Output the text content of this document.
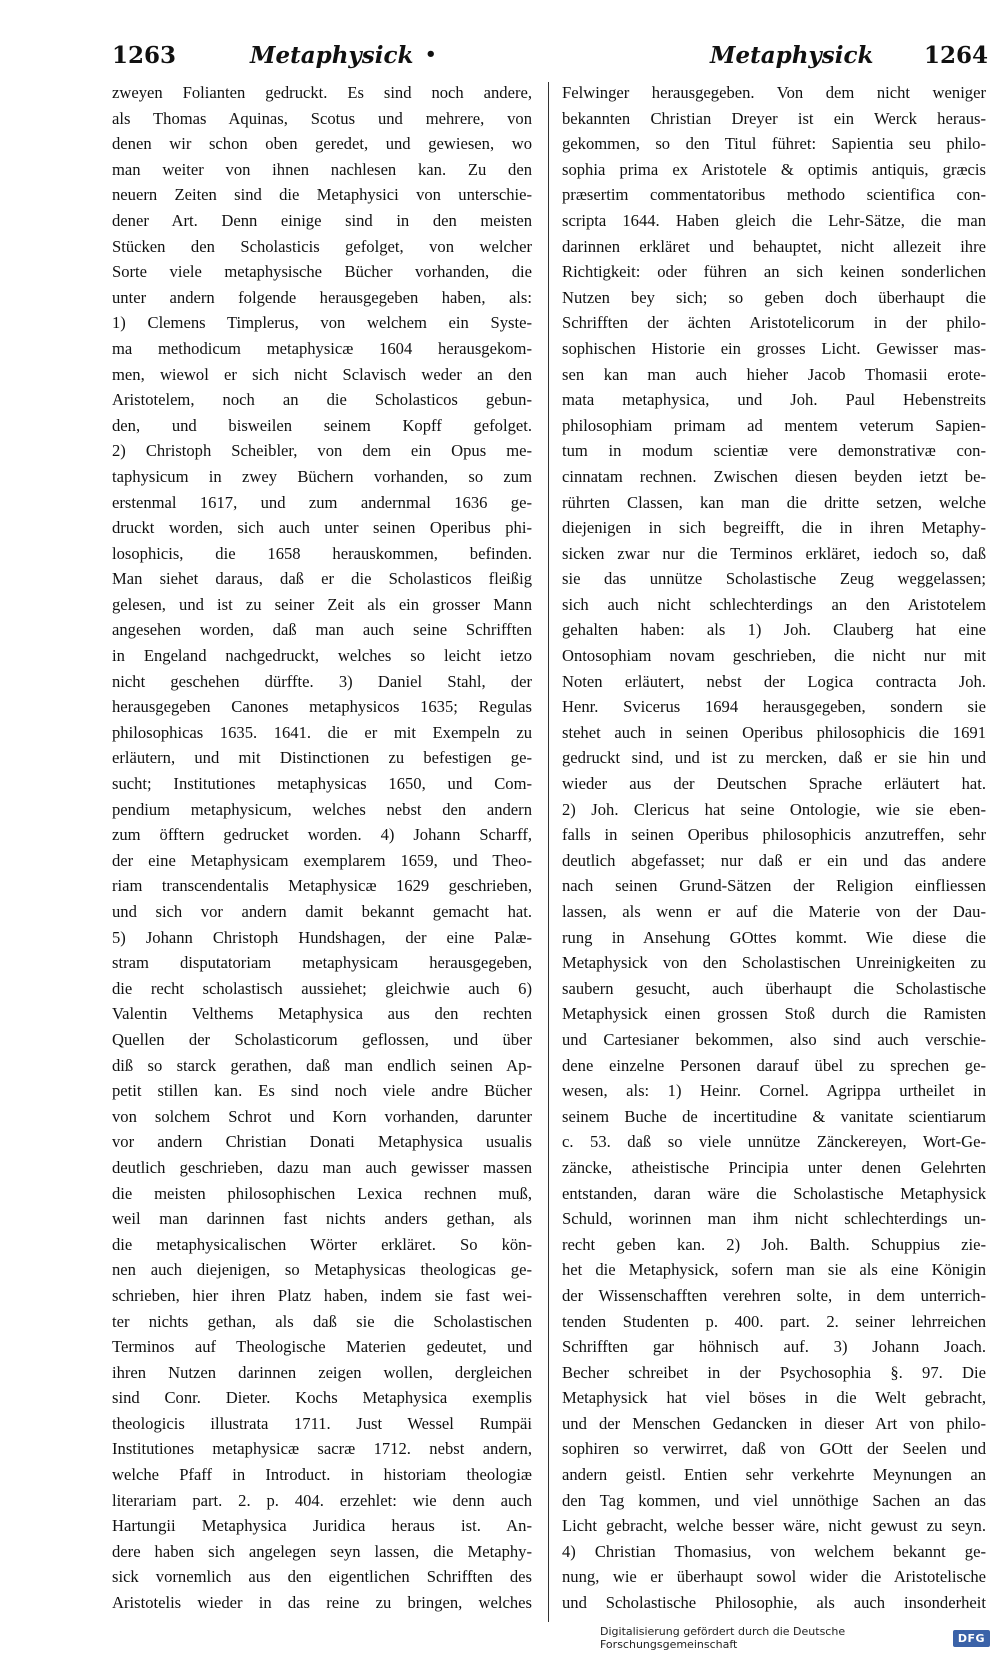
1263	Metaphysick •	Metaphysick 1264
zweyen Folianten gedruckt. Es sind noch andere,
als Thomas Aquinas, Scotus und mehrere, von
denen wir schon oben geredet, und gewiesen, wo
man weiter von ihnen nachlesen kan. Zu den
neuern Zeiten sind die Metaphysici von unterschie-
dener Art. Denn einige sind in den meisten
Stücken den Scholasticis gefolget, von welcher
Sorte viele metaphysische Bücher vorhanden, die
unter andern folgende herausgegeben haben, als:
1) Clemens Timplerus, von welchem ein Syste-
ma methodicum metaphysicæ 1604 herausgekom-
men, wiewol er sich nicht Sclavisch weder an den
Aristotelem, noch an die Scholasticos gebun-
den, und bisweilen seinem Kopff gefolget.
2) Christoph Scheibler, von dem ein Opus me-
taphysicum in zwey Büchern vorhanden, so zum
erstenmal 1617, und zum andernmal 1636 ge-
druckt worden, sich auch unter seinen Operibus phi-
losophicis, die 1658 herauskommen, befinden.
Man siehet daraus, daß er die Scholasticos fleißig
gelesen, und ist zu seiner Zeit als ein grosser Mann
angesehen worden, daß man auch seine Schrifften
in Engeland nachgedruckt, welches so leicht ietzo
nicht geschehen dürffte. 3) Daniel Stahl, der
herausgegeben Canones metaphysicos 1635; Regulas
philosophicas 1635. 1641. die er mit Exempeln zu
erläutern, und mit Distinctionen zu befestigen ge-
sucht; Institutiones metaphysicas 1650, und Com-
pendium metaphysicum, welches nebst den andern
zum öfftern gedrucket worden. 4) Johann Scharff,
der eine Metaphysicam exemplarem 1659, und Theo-
riam transcendentalis Metaphysicæ 1629 geschrieben,
und sich vor andern damit bekannt gemacht hat.
5) Johann Christoph Hundshagen, der eine Palæ-
stram disputatoriam metaphysicam herausgegeben,
die recht scholastisch aussiehet; gleichwie auch 6)
Valentin Velthems Metaphysica aus den rechten
Quellen der Scholasticorum geflossen, und über
diß so starck gerathen, daß man endlich seinen Ap-
petit stillen kan. Es sind noch viele andre Bücher
von solchem Schrot und Korn vorhanden, darunter
vor andern Christian Donati Metaphysica usualis
deutlich geschrieben, dazu man auch gewisser massen
die meisten philosophischen Lexica rechnen muß,
weil man darinnen fast nichts anders gethan, als
die metaphysicalischen Wörter erkläret. So kön-
nen auch diejenigen, so Metaphysicas theologicas ge-
schrieben, hier ihren Platz haben, indem sie fast wei-
ter nichts gethan, als daß sie die Scholastischen
Terminos auf Theologische Materien gedeutet, und
ihren Nutzen darinnen zeigen wollen, dergleichen
sind Conr. Dieter. Kochs Metaphysica exemplis
theologicis illustrata 1711. Just Wessel Rumpäi
Institutiones metaphysicæ sacræ 1712. nebst andern,
welche Pfaff in Introduct. in historiam theologiæ
literariam part. 2. p. 404. erzehlet: wie denn auch
Hartungii Metaphysica Juridica heraus ist. An-
dere haben sich angelegen seyn lassen, die Metaphy-
sick vornemlich aus den eigentlichen Schrifften des
Aristotelis wieder in das reine zu bringen, welches
Felwinger herausgegeben. Von dem nicht weniger
bekannten Christian Dreyer ist ein Werck heraus-
gekommen, so den Titul führet: Sapientia seu philo-
sophia prima ex Aristotele & optimis antiquis, græcis
præsertim commentatoribus methodo scientifica con-
scripta 1644. Haben gleich die Lehr-Sätze, die man
darinnen erkläret und behauptet, nicht allezeit ihre
Richtigkeit: oder führen an sich keinen sonderlichen
Nutzen bey sich; so geben doch überhaupt die
Schrifften der ächten Aristotelicorum in der philo-
sophischen Historie ein grosses Licht. Gewisser mas-
sen kan man auch hieher Jacob Thomasii erote-
mata metaphysica, und Joh. Paul Hebenstreits
philosophiam primam ad mentem veterum Sapien-
tum in modum scientiæ vere demonstrativæ con-
cinnatam rechnen. Zwischen diesen beyden ietzt be-
rührten Classen, kan man die dritte setzen, welche
diejenigen in sich begreifft, die in ihren Metaphy-
sicken zwar nur die Terminos erkläret, iedoch so, daß
sie das unnütze Scholastische Zeug weggelassen;
sich auch nicht schlechterdings an den Aristotelem
gehalten haben: als 1) Joh. Clauberg hat eine
Ontosophiam novam geschrieben, die nicht nur mit
Noten erläutert, nebst der Logica contracta Joh.
Henr. Svicerus 1694 herausgegeben, sondern sie
stehet auch in seinen Operibus philosophicis die 1691
gedruckt sind, und ist zu mercken, daß er sie hin und
wieder aus der Deutschen Sprache erläutert hat.
2) Joh. Clericus hat seine Ontologie, wie sie eben-
falls in seinen Operibus philosophicis anzutreffen, sehr
deutlich abgefasset; nur daß er ein und das andere
nach seinen Grund-Sätzen der Religion einfliessen
lassen, als wenn er auf die Materie von der Dau-
rung in Ansehung GOttes kommt. Wie diese die
Metaphysick von den Scholastischen Unreinigkeiten zu
saubern gesucht, auch überhaupt die Scholastische
Metaphysick einen grossen Stoß durch die Ramisten
und Cartesianer bekommen, also sind auch verschie-
dene einzelne Personen darauf übel zu sprechen ge-
wesen, als: 1) Heinr. Cornel. Agrippa urtheilet in
seinem Buche de incertitudine & vanitate scientiarum
c. 53. daß so viele unnütze Zänckereyen, Wort-Ge-
zäncke, atheistische Principia unter denen Gelehrten
entstanden, daran wäre die Scholastische Metaphysick
Schuld, worinnen man ihm nicht schlechterdings un-
recht geben kan. 2) Joh. Balth. Schuppius zie-
het die Metaphysick, sofern man sie als eine Königin
der Wissenschafften verehren solte, in dem unterrich-
tenden Studenten p. 400. part. 2. seiner lehrreichen
Schrifften gar höhnisch auf. 3) Johann Joach.
Becher schreibet in der Psychosophia §. 97. Die
Metaphysick hat viel böses in die Welt gebracht,
und der Menschen Gedancken in dieser Art von philo-
sophiren so verwirret, daß von GOtt der Seelen und
andern geistl. Entien sehr verkehrte Meynungen an
den Tag kommen, und viel unnöthige Sachen an das
Licht gebracht, welche besser wäre, nicht gewust zu seyn.
4) Christian Thomasius, von welchem bekannt ge-
nung, wie er überhaupt sowol wider die Aristotelische
und Scholastische Philosophie, als auch insonderheit
Digitalisierung gefördert durch die Deutsche Forschungsgemeinschaft	DFG
